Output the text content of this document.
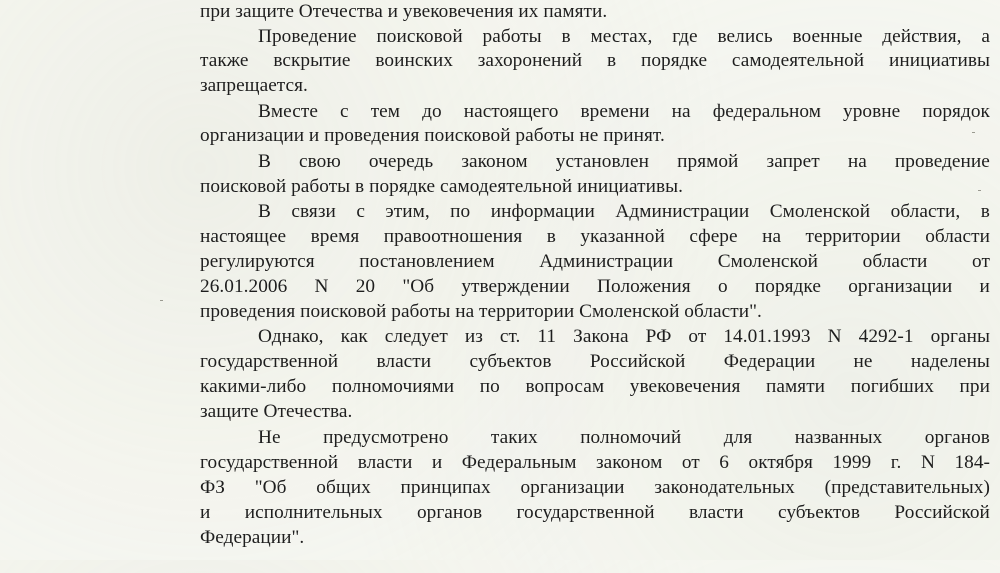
при защите Отечества и увековечения их памяти.
Проведение поисковой работы в местах, где велись военные действия, а
также вскрытие воинских захоронений в порядке самодеятельной инициативы
запрещается.
Вместе с тем до настоящего времени на федеральном уровне порядок
организации и проведения поисковой работы не принят.
В свою очередь законом установлен прямой запрет на проведение
поисковой работы в порядке самодеятельной инициативы.
В связи с этим, по информации Администрации Смоленской области, в
настоящее время правоотношения в указанной сфере на территории области
регулируются постановлением Администрации Смоленской области от
26.01.2006 N 20 "Об утверждении Положения о порядке организации и
проведения поисковой работы на территории Смоленской области".
Однако, как следует из ст. 11 Закона РФ от 14.01.1993 N 4292-1 органы
государственной власти субъектов Российской Федерации не наделены
какими-либо полномочиями по вопросам увековечения памяти погибших при
защите Отечества.
Не предусмотрено таких полномочий для названных органов
государственной власти и Федеральным законом от 6 октября 1999 г. N 184-
ФЗ "Об общих принципах организации законодательных (представительных)
и исполнительных органов государственной власти субъектов Российской
Федерации".
